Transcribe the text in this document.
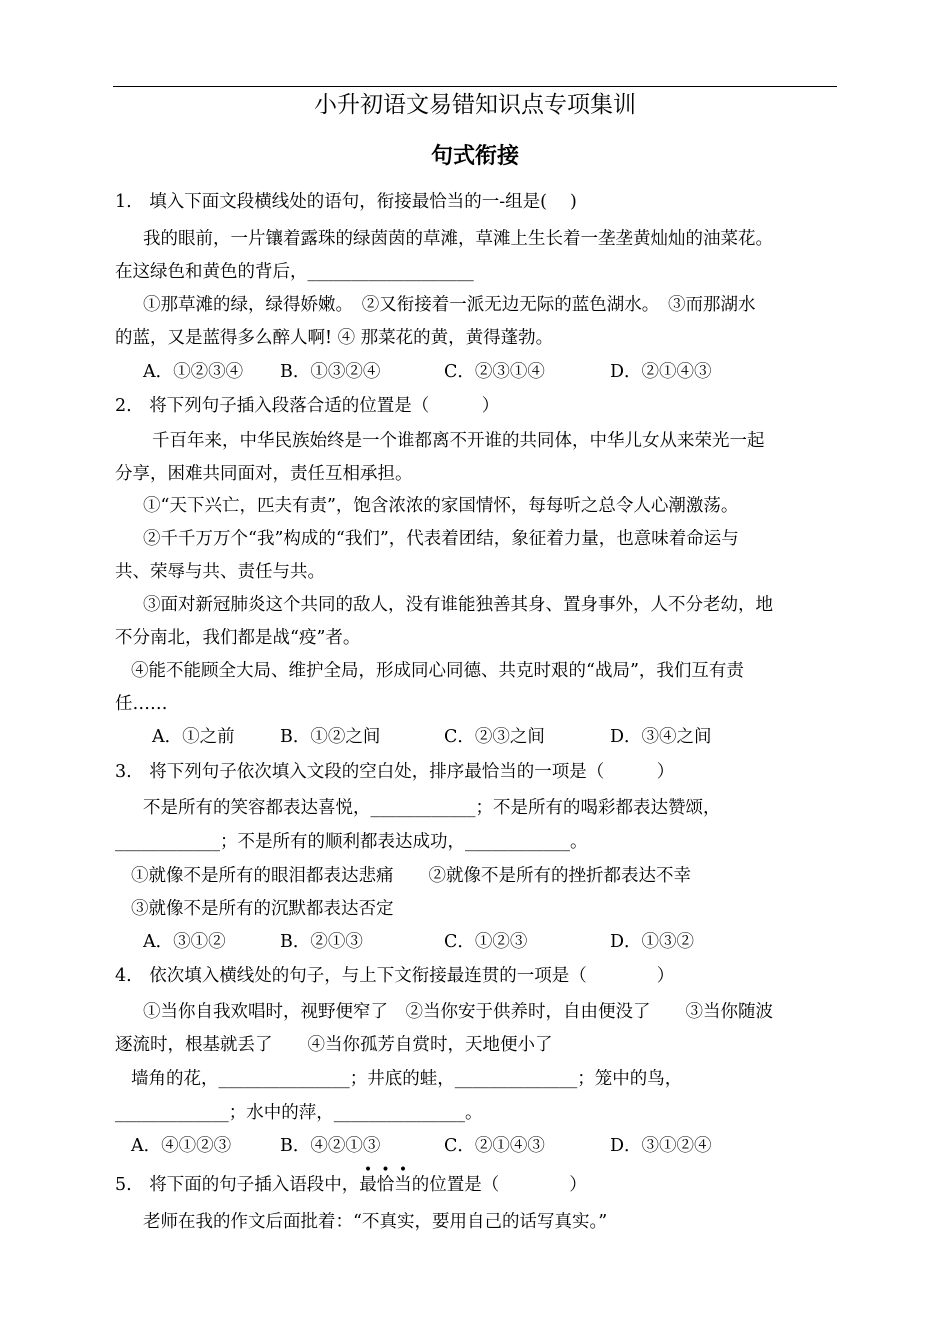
小升初语文易错知识点专项集训
句式衔接
1.　填入下面文段横线处的语句，衔接最恰当的一-组是(　 )
我的眼前，一片镶着露珠的绿茵茵的草滩，草滩上生长着一垄垄黄灿灿的油菜花。
在这绿色和黄色的背后，___________________
①那草滩的绿，绿得娇嫩。　②又衔接着一派无边无际的蓝色湖水。　③而那湖水
的蓝，又是蓝得多么醉人啊! ④ 那菜花的黄，黄得蓬勃。
A．①②③④ B．①③②④	C．②③①④	D．②①④③
2.　将下列句子插入段落合适的位置是（　　　）
千百年来，中华民族始终是一个谁都离不开谁的共同体，中华儿女从来荣光一起
分享，困难共同面对，责任互相承担。
①“天下兴亡，匹夫有责”，饱含浓浓的家国情怀，每每听之总令人心潮激荡。
②千千万万个“我”构成的“我们”，代表着团结，象征着力量，也意味着命运与
共、荣辱与共、责任与共。
③面对新冠肺炎这个共同的敌人，没有谁能独善其身、置身事外，人不分老幼，地
不分南北，我们都是战“疫”者。
④能不能顾全大局、维护全局，形成同心同德、共克时艰的“战局”，我们互有责
任……
A．①之前	B．①②之间	C．②③之间	D．③④之间
3.　将下列句子依次填入文段的空白处，排序最恰当的一项是（　　　）
不是所有的笑容都表达喜悦，____________；不是所有的喝彩都表达赞颂，
____________；不是所有的顺利都表达成功，____________。
①就像不是所有的眼泪都表达悲痛　　②就像不是所有的挫折都表达不幸
③就像不是所有的沉默都表达否定
A．③①②	B．②①③	C．①②③	D．①③②
4.　依次填入横线处的句子，与上下文衔接最连贯的一项是（　　　　）
①当你自我欢唱时，视野便窄了　②当你安于供养时，自由便没了　　③当你随波
逐流时，根基就丢了　　④当你孤芳自赏时，天地便小了
墙角的花，_______________；井底的蛙，______________；笼中的鸟，
_____________；水中的萍，_______________。
A．④①②③	B．④②①③	C．②①④③	D．③①②④
5.　将下面的句子插入语段中，
•
最
•
恰
•
当的位置是（　　　　）
老师在我的作文后面批着：“不真实，要用自己的话写真实。”
